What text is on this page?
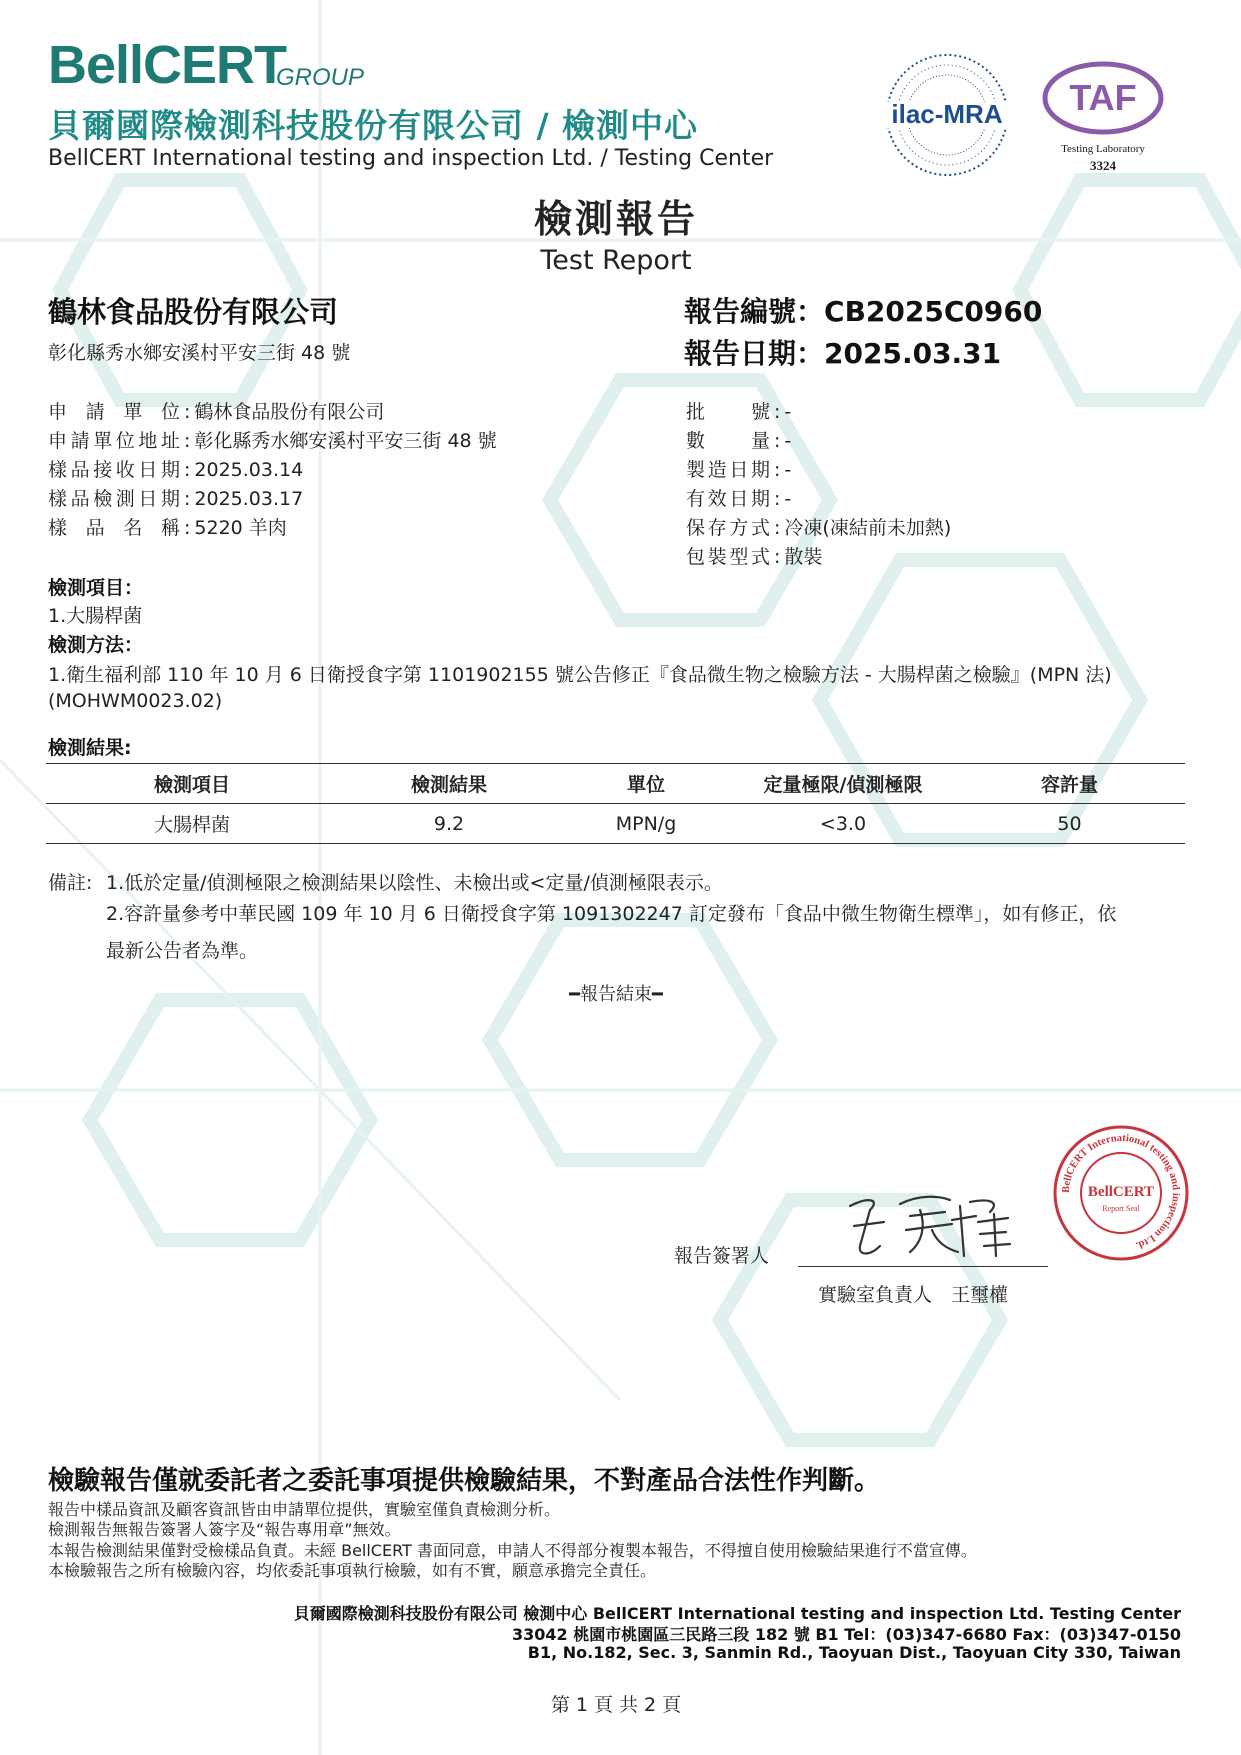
BellCERT
GROUP
貝爾國際檢測科技股份有限公司 / 檢測中心
BellCERT International testing and inspection Ltd. / Testing Center
ilac-MRA TAF
Testing Laboratory
3324
檢測報告
Test Report
鶴林食品股份有限公司
彰化縣秀水鄉安溪村平安三街 48 號
報告編號：CB2025C0960
報告日期：2025.03.31
申請單位 : 鶴林食品股份有限公司
申請單位地址 : 彰化縣秀水鄉安溪村平安三街 48 號
樣品接收日期 : 2025.03.14
樣品檢測日期 : 2025.03.17
樣品名稱 : 5220 羊肉
批號 : -
數量 : -
製造日期 : -
有效日期 : -
保存方式 : 冷凍(凍結前未加熱)
包裝型式 : 散裝
檢測項目：
1.大腸桿菌
檢測方法：
1.衛生福利部 110 年 10 月 6 日衛授食字第 1101902155 號公告修正『食品微生物之檢驗方法 - 大腸桿菌之檢驗』(MPN 法)
(MOHWM0023.02)
檢測結果:
檢測項目	檢測結果	單位	定量極限/偵測極限	容許量
大腸桿菌	9.2	MPN/g	<3.0	50
備註: 1.低於定量/偵測極限之檢測結果以陰性、未檢出或<定量/偵測極限表示。
2.容許量參考中華民國 109 年 10 月 6 日衛授食字第 1091302247 訂定發布「食品中微生物衛生標準」，如有修正，依
最新公告者為準。
━報告結束━
報告簽署人
實驗室負責人　王璽權
BellCERT International testing and inspection Ltd.
BellCERT
Report Seal
檢驗報告僅就委託者之委託事項提供檢驗結果，不對產品合法性作判斷。
報告中樣品資訊及顧客資訊皆由申請單位提供，實驗室僅負責檢測分析。
檢測報告無報告簽署人簽字及“報告專用章”無效。
本報告檢測結果僅對受檢樣品負責。未經 BellCERT 書面同意，申請人不得部分複製本報告，不得擅自使用檢驗結果進行不當宣傳。
本檢驗報告之所有檢驗內容，均依委託事項執行檢驗，如有不實，願意承擔完全責任。
貝爾國際檢測科技股份有限公司 檢測中心 BellCERT International testing and inspection Ltd. Testing Center
33042 桃園市桃園區三民路三段 182 號 B1 Tel：(03)347-6680 Fax：(03)347-0150
B1, No.182, Sec. 3, Sanmin Rd., Taoyuan Dist., Taoyuan City 330, Taiwan
第 1 頁 共 2 頁
